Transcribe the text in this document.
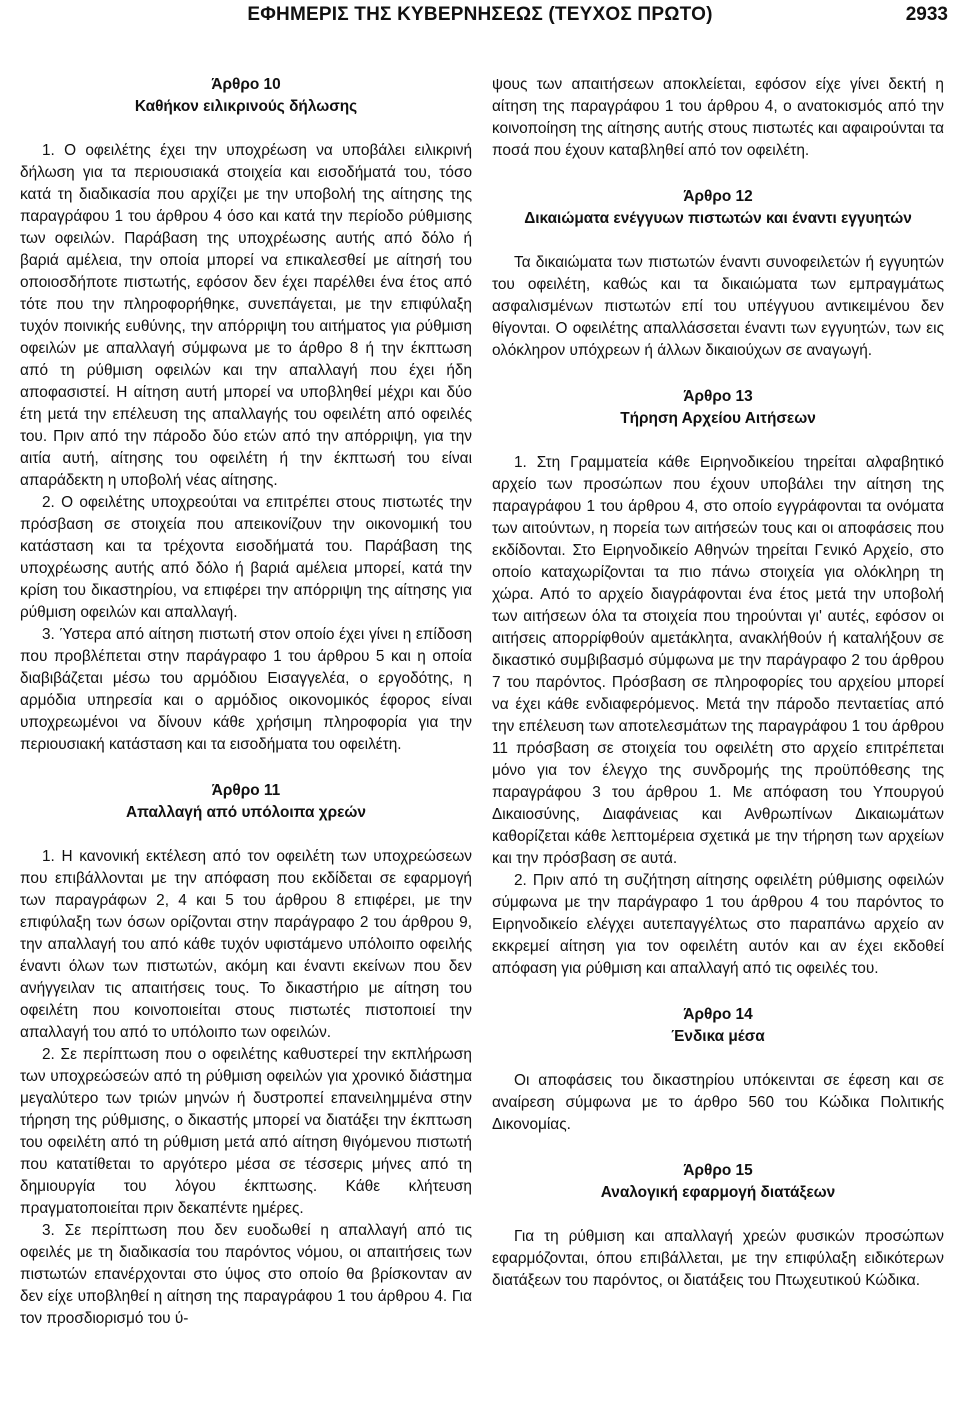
ΕΦΗΜΕΡΙΣ ΤΗΣ ΚΥΒΕΡΝΗΣΕΩΣ (ΤΕΥΧΟΣ ΠΡΩΤΟ)	2933
Άρθρο 10
Καθήκον ειλικρινούς δήλωσης

1. Ο οφειλέτης έχει την υποχρέωση να υποβάλει ειλικρινή δήλωση για τα περιουσιακά στοιχεία και εισοδήματά του, τόσο κατά τη διαδικασία που αρχίζει με την υποβολή της αίτησης της παραγράφου 1 του άρθρου 4 όσο και κατά την περίοδο ρύθμισης των οφειλών. Παράβαση της υποχρέωσης αυτής από δόλο ή βαριά αμέλεια, την οποία μπορεί να επικαλεσθεί με αίτησή του οποιοσδήποτε πιστωτής, εφόσον δεν έχει παρέλθει ένα έτος από τότε που την πληροφορήθηκε, συνεπάγεται, με την επιφύλαξη τυχόν ποινικής ευθύνης, την απόρριψη του αιτήματος για ρύθμιση οφειλών με απαλλαγή σύμφωνα με το άρθρο 8 ή την έκπτωση από τη ρύθμιση οφειλών και την απαλλαγή που έχει ήδη αποφασιστεί. Η αίτηση αυτή μπορεί να υποβληθεί μέχρι και δύο έτη μετά την επέλευση της απαλλαγής του οφειλέτη από οφειλές του. Πριν από την πάροδο δύο ετών από την απόρριψη, για την αιτία αυτή, αίτησης του οφειλέτη ή την έκπτωσή του είναι απαράδεκτη η υποβολή νέας αίτησης.

2. Ο οφειλέτης υποχρεούται να επιτρέπει στους πιστωτές την πρόσβαση σε στοιχεία που απεικονίζουν την οικονομική του κατάσταση και τα τρέχοντα εισοδήματά του. Παράβαση της υποχρέωσης αυτής από δόλο ή βαριά αμέλεια μπορεί, κατά την κρίση του δικαστηρίου, να επιφέρει την απόρριψη της αίτησης για ρύθμιση οφειλών και απαλλαγή.

3. Ύστερα από αίτηση πιστωτή στον οποίο έχει γίνει η επίδοση που προβλέπεται στην παράγραφο 1 του άρθρου 5 και η οποία διαβιβάζεται μέσω του αρμόδιου Εισαγγελέα, ο εργοδότης, η αρμόδια υπηρεσία και ο αρμόδιος οικονομικός έφορος είναι υποχρεωμένοι να δίνουν κάθε χρήσιμη πληροφορία για την περιουσιακή κατάσταση και τα εισοδήματα του οφειλέτη.

Άρθρο 11
Απαλλαγή από υπόλοιπα χρεών

1. Η κανονική εκτέλεση από τον οφειλέτη των υποχρεώσεων που επιβάλλονται με την απόφαση που εκδίδεται σε εφαρμογή των παραγράφων 2, 4 και 5 του άρθρου 8 επιφέρει, με την επιφύλαξη των όσων ορίζονται στην παράγραφο 2 του άρθρου 9, την απαλλαγή του από κάθε τυχόν υφιστάμενο υπόλοιπο οφειλής έναντι όλων των πιστωτών, ακόμη και έναντι εκείνων που δεν ανήγγειλαν τις απαιτήσεις τους. Το δικαστήριο με αίτηση του οφειλέτη που κοινοποιείται στους πιστωτές πιστοποιεί την απαλλαγή του από το υπόλοιπο των οφειλών.

2. Σε περίπτωση που ο οφειλέτης καθυστερεί την εκπλήρωση των υποχρεώσεών από τη ρύθμιση οφειλών για χρονικό διάστημα μεγαλύτερο των τριών μηνών ή δυστροπεί επανειλημμένα στην τήρηση της ρύθμισης, ο δικαστής μπορεί να διατάξει την έκπτωση του οφειλέτη από τη ρύθμιση μετά από αίτηση θιγόμενου πιστωτή που κατατίθεται το αργότερο μέσα σε τέσσερις μήνες από τη δημιουργία του λόγου έκπτωσης. Κάθε κλήτευση πραγματοποιείται πριν δεκαπέντε ημέρες.

3. Σε περίπτωση που δεν ευοδωθεί η απαλλαγή από τις οφειλές με τη διαδικασία του παρόντος νόμου, οι απαιτήσεις των πιστωτών επανέρχονται στο ύψος στο οποίο θα βρίσκονταν αν δεν είχε υποβληθεί η αίτηση της παραγράφου 1 του άρθρου 4. Για τον προσδιορισμό του ύ-

ψους των απαιτήσεων αποκλείεται, εφόσον είχε γίνει δεκτή η αίτηση της παραγράφου 1 του άρθρου 4, ο ανατοκισμός από την κοινοποίηση της αίτησης αυτής στους πιστωτές και αφαιρούνται τα ποσά που έχουν καταβληθεί από τον οφειλέτη.

Άρθρο 12
Δικαιώματα ενέγγυων πιστωτών και έναντι εγγυητών

Τα δικαιώματα των πιστωτών έναντι συνοφειλετών ή εγγυητών του οφειλέτη, καθώς και τα δικαιώματα των εμπραγμάτως ασφαλισμένων πιστωτών επί του υπέγγυου αντικειμένου δεν θίγονται. Ο οφειλέτης απαλλάσσεται έναντι των εγγυητών, των εις ολόκληρον υπόχρεων ή άλλων δικαιούχων σε αναγωγή.

Άρθρο 13
Τήρηση Αρχείου Αιτήσεων

1. Στη Γραμματεία κάθε Ειρηνοδικείου τηρείται αλφαβητικό αρχείο των προσώπων που έχουν υποβάλει την αίτηση της παραγράφου 1 του άρθρου 4, στο οποίο εγγράφονται τα ονόματα των αιτούντων, η πορεία των αιτήσεών τους και οι αποφάσεις που εκδίδονται. Στο Ειρηνοδικείο Αθηνών τηρείται Γενικό Αρχείο, στο οποίο καταχωρίζονται τα πιο πάνω στοιχεία για ολόκληρη τη χώρα. Από το αρχείο διαγράφονται ένα έτος μετά την υποβολή των αιτήσεων όλα τα στοιχεία που τηρούνται γι' αυτές, εφόσον οι αιτήσεις απορρίφθούν αμετάκλητα, ανακλήθούν ή καταλήξουν σε δικαστικό συμβιβασμό σύμφωνα με την παράγραφο 2 του άρθρου 7 του παρόντος. Πρόσβαση σε πληροφορίες του αρχείου μπορεί να έχει κάθε ενδιαφερόμενος. Μετά την πάροδο πενταετίας από την επέλευση των αποτελεσμάτων της παραγράφου 1 του άρθρου 11 πρόσβαση σε στοιχεία του οφειλέτη στο αρχείο επιτρέπεται μόνο για τον έλεγχο της συνδρομής της προϋπόθεσης της παραγράφου 3 του άρθρου 1. Με απόφαση του Υπουργού Δικαιοσύνης, Διαφάνειας και Ανθρωπίνων Δικαιωμάτων καθορίζεται κάθε λεπτομέρεια σχετικά με την τήρηση των αρχείων και την πρόσβαση σε αυτά.

2. Πριν από τη συζήτηση αίτησης οφειλέτη ρύθμισης οφειλών σύμφωνα με την παράγραφο 1 του άρθρου 4 του παρόντος το Ειρηνοδικείο ελέγχει αυτεπαγγέλτως στο παραπάνω αρχείο αν εκκρεμεί αίτηση για τον οφειλέτη αυτόν και αν έχει εκδοθεί απόφαση για ρύθμιση και απαλλαγή από τις οφειλές του.

Άρθρο 14
Ένδικα μέσα

Οι αποφάσεις του δικαστηρίου υπόκεινται σε έφεση και σε αναίρεση σύμφωνα με το άρθρο 560 του Κώδικα Πολιτικής Δικονομίας.

Άρθρο 15
Αναλογική εφαρμογή διατάξεων

Για τη ρύθμιση και απαλλαγή χρεών φυσικών προσώπων εφαρμόζονται, όπου επιβάλλεται, με την επιφύλαξη ειδικότερων διατάξεων του παρόντος, οι διατάξεις του Πτωχευτικού Κώδικα.
